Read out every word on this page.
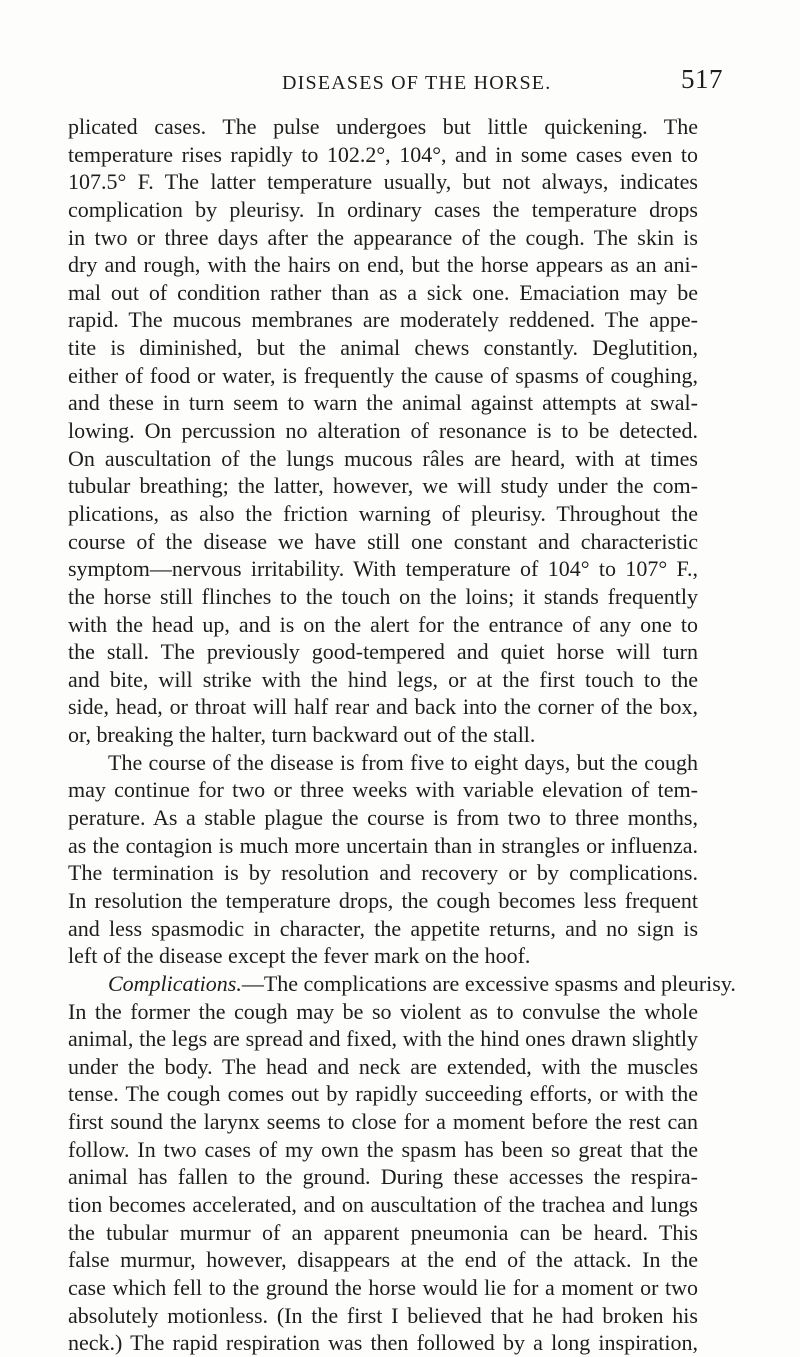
DISEASES OF THE HORSE.	517
plicated cases. The pulse undergoes but little quickening. The
temperature rises rapidly to 102.2°, 104°, and in some cases even to
107.5° F. The latter temperature usually, but not always, indicates
complication by pleurisy. In ordinary cases the temperature drops
in two or three days after the appearance of the cough. The skin is
dry and rough, with the hairs on end, but the horse appears as an ani-
mal out of condition rather than as a sick one. Emaciation may be
rapid. The mucous membranes are moderately reddened. The appe-
tite is diminished, but the animal chews constantly. Deglutition,
either of food or water, is frequently the cause of spasms of coughing,
and these in turn seem to warn the animal against attempts at swal-
lowing. On percussion no alteration of resonance is to be detected.
On auscultation of the lungs mucous râles are heard, with at times
tubular breathing; the latter, however, we will study under the com-
plications, as also the friction warning of pleurisy. Throughout the
course of the disease we have still one constant and characteristic
symptom—nervous irritability. With temperature of 104° to 107° F.,
the horse still flinches to the touch on the loins; it stands frequently
with the head up, and is on the alert for the entrance of any one to
the stall. The previously good-tempered and quiet horse will turn
and bite, will strike with the hind legs, or at the first touch to the
side, head, or throat will half rear and back into the corner of the box,
or, breaking the halter, turn backward out of the stall.
The course of the disease is from five to eight days, but the cough
may continue for two or three weeks with variable elevation of tem-
perature. As a stable plague the course is from two to three months,
as the contagion is much more uncertain than in strangles or influenza.
The termination is by resolution and recovery or by complications.
In resolution the temperature drops, the cough becomes less frequent
and less spasmodic in character, the appetite returns, and no sign is
left of the disease except the fever mark on the hoof.
Complications.—The complications are excessive spasms and pleurisy.
In the former the cough may be so violent as to convulse the whole
animal, the legs are spread and fixed, with the hind ones drawn slightly
under the body. The head and neck are extended, with the muscles
tense. The cough comes out by rapidly succeeding efforts, or with the
first sound the larynx seems to close for a moment before the rest can
follow. In two cases of my own the spasm has been so great that the
animal has fallen to the ground. During these accesses the respira-
tion becomes accelerated, and on auscultation of the trachea and lungs
the tubular murmur of an apparent pneumonia can be heard. This
false murmur, however, disappears at the end of the attack. In the
case which fell to the ground the horse would lie for a moment or two
absolutely motionless. (In the first I believed that he had broken his
neck.) The rapid respiration was then followed by a long inspiration,
